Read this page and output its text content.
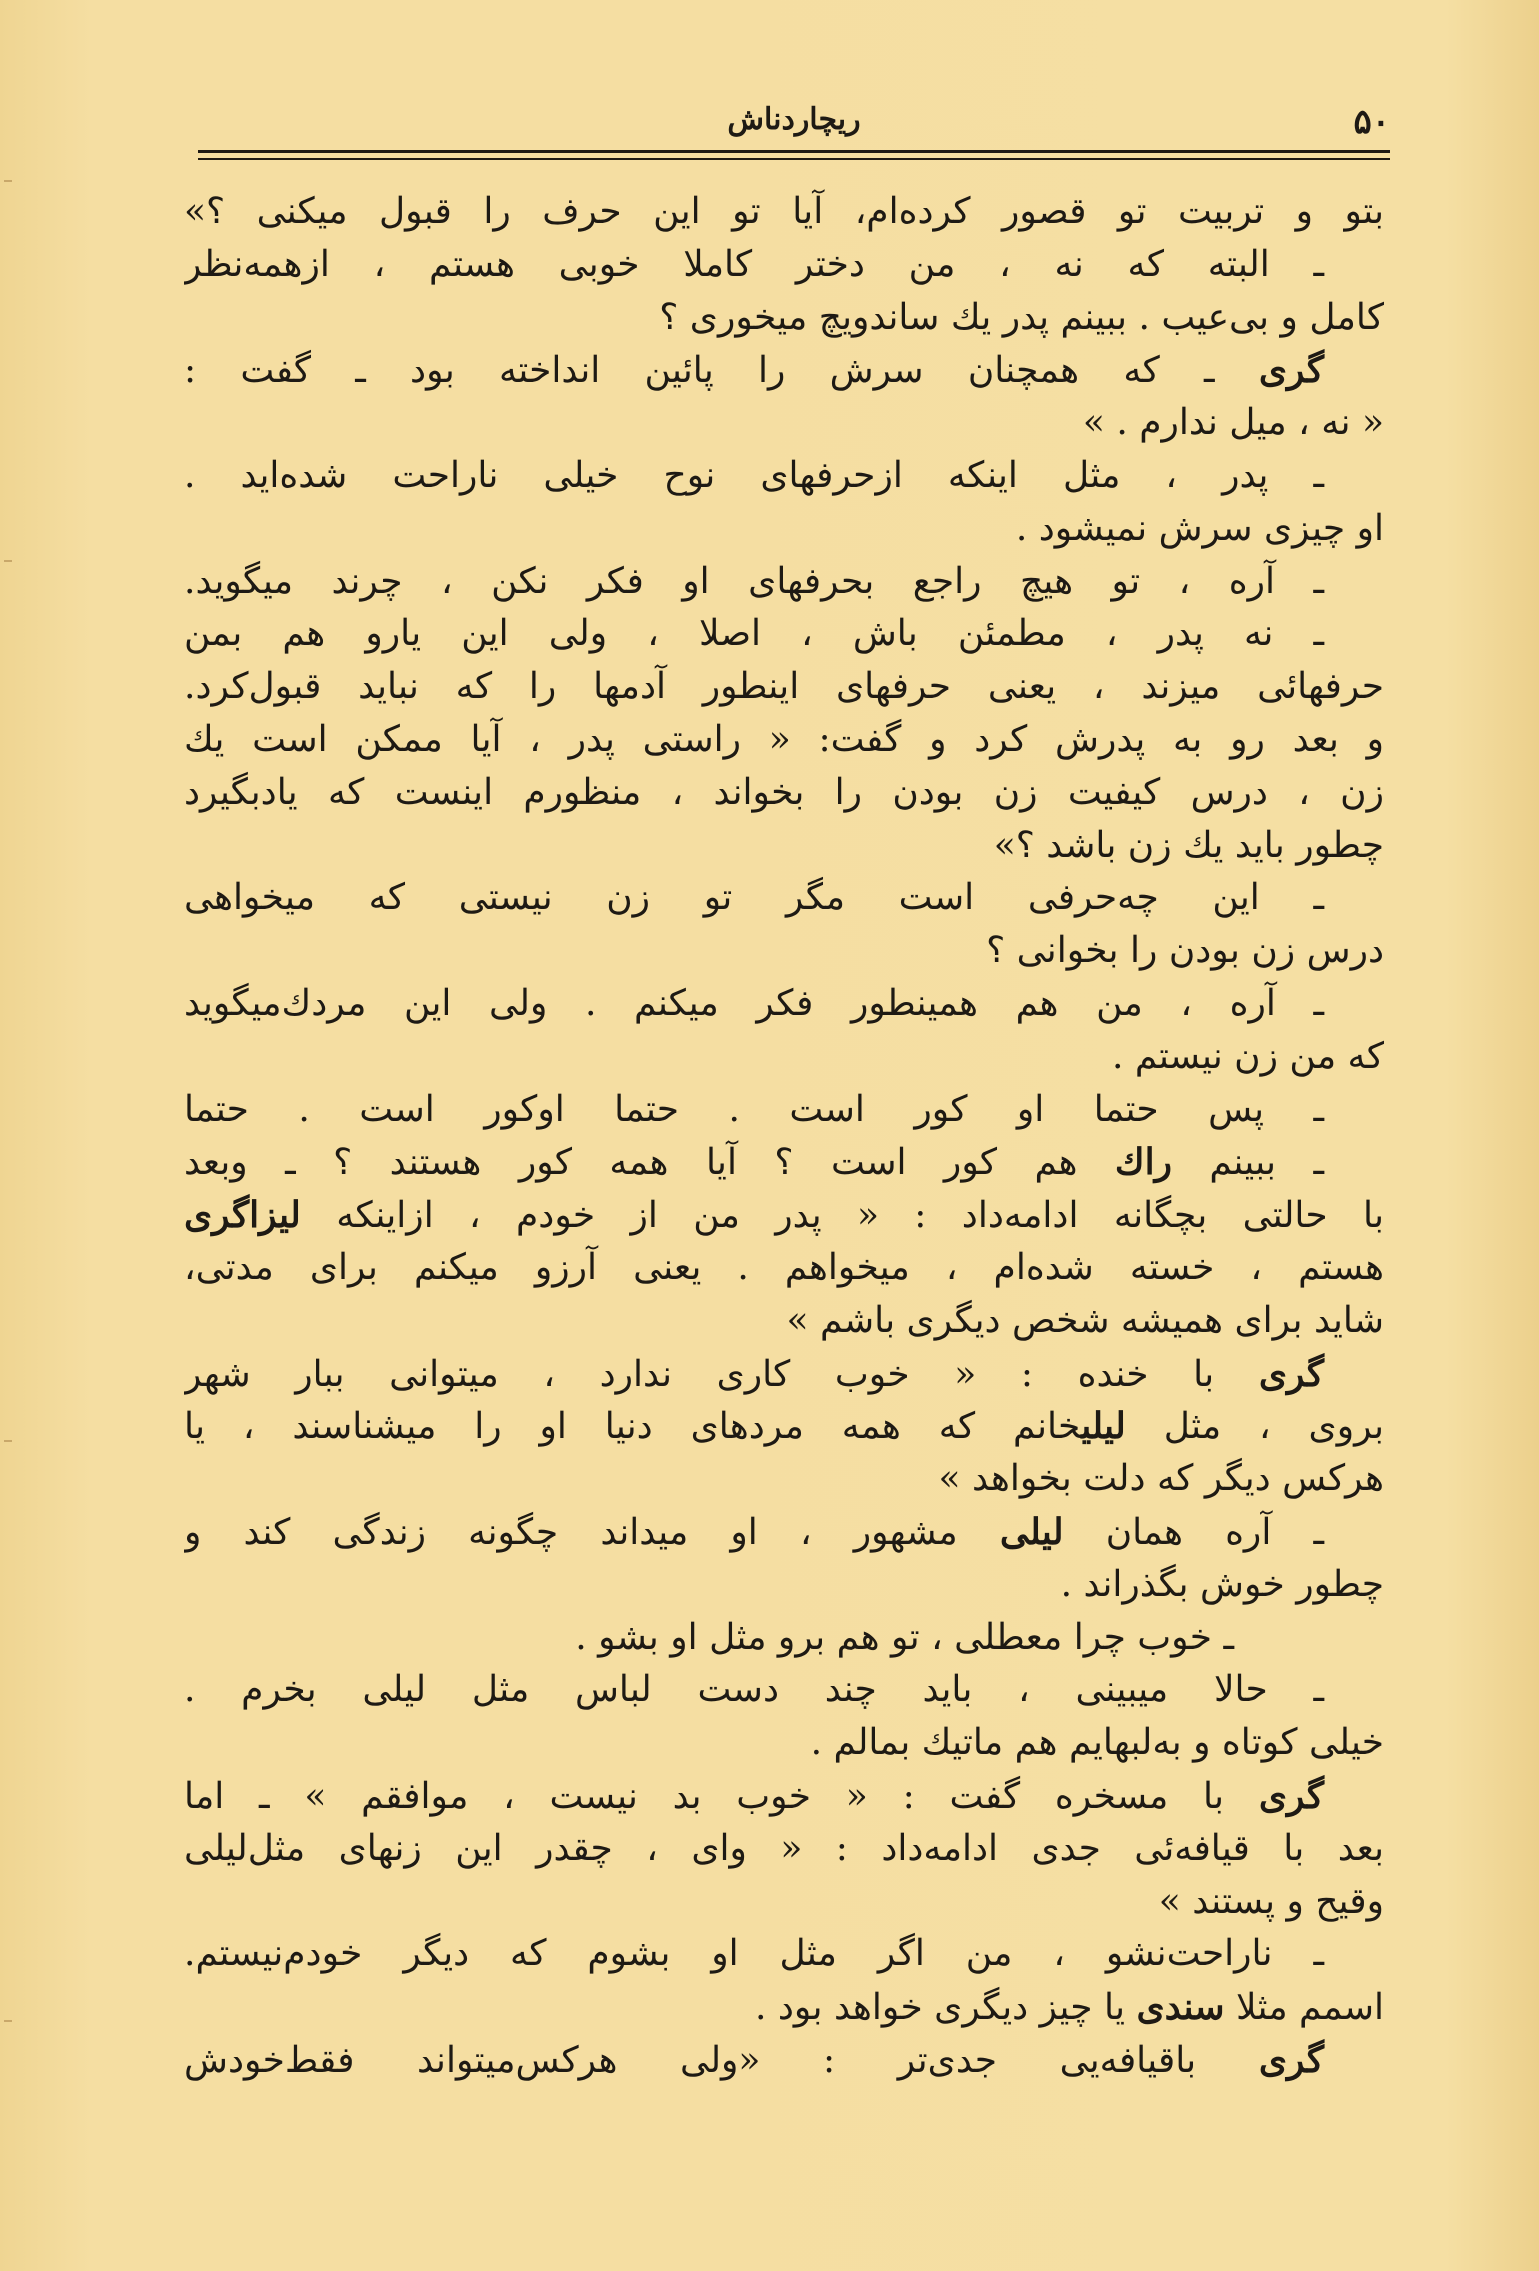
۵۰
ریچاردناش
بتو و تربیت تو قصور کرده‌ام، آیا تو این حرف را قبول میکنی ؟»
ـ البته که نه ، من دختر کاملا خوبی هستم ، ازهمه‌نظر
کامل و بی‌عیب . ببینم پدر یك ساندویچ میخوری ؟
گری ـ که همچنان سرش را پائین انداخته بود ـ گفت :
« نه ، میل ندارم . »
ـ پدر ، مثل اینکه ازحرفهای نوح خیلی ناراحت شده‌اید .
او چیزی سرش نمیشود .
ـ آره ، تو هیچ راجع بحرفهای او فکر نکن ، چرند میگوید.
ـ نه پدر ، مطمئن باش ، اصلا ، ولی این یارو هم بمن
حرفهائی میزند ، یعنی حرفهای اینطور آدمها را که نباید قبول‌کرد.
و بعد رو به پدرش کرد و گفت: « راستی پدر ، آیا ممکن است یك
زن ، درس کیفیت زن بودن را بخواند ، منظورم اینست که یادبگیرد
چطور باید یك زن باشد ؟»
ـ این چه‌حرفی است مگر تو زن نیستی که میخواهی
درس زن بودن را بخوانی ؟
ـ آره ، من هم همینطور فکر میکنم . ولی این مردك‌میگوید
که من زن نیستم .
ـ پس حتما او کور است . حتما اوکور است . حتما
ـ ببینم راك هم کور است ؟ آیا همه کور هستند ؟ ـ وبعد
با حالتی بچگانه ادامه‌داد : « پدر من از خودم ، ازاینکه لیزاگری
هستم ، خسته شده‌ام ، میخواهم . یعنی آرزو میکنم برای مدتی،
شاید برای همیشه شخص دیگری باشم »
گری با خنده : « خوب کاری ندارد ، میتوانی ببار شهر
بروی ، مثل لیلیخانم که همه مردهای دنیا او را میشناسند ، یا
هرکس دیگر که دلت بخواهد »
ـ آره همان لیلی مشهور ، او میداند چگونه زندگی کند و
چطور خوش بگذراند .
ـ خوب چرا معطلی ، تو هم برو مثل او بشو .
ـ حالا میبینی ، باید چند دست لباس مثل لیلی بخرم .
خیلی کوتاه و به‌لبهایم هم ماتیك بمالم .
گری با مسخره گفت : « خوب بد نیست ، موافقم » ـ اما
بعد با قیافه‌ئی جدی ادامه‌داد : « وای ، چقدر این زنهای مثل‌لیلی
وقیح و پستند »
ـ ناراحت‌نشو ، من اگر مثل او بشوم که دیگر خودم‌نیستم.
اسمم مثلا سندی یا چیز دیگری خواهد بود .
گری باقیافه‌یی جدی‌تر : «ولی هرکس‌میتواند فقط‌خودش
